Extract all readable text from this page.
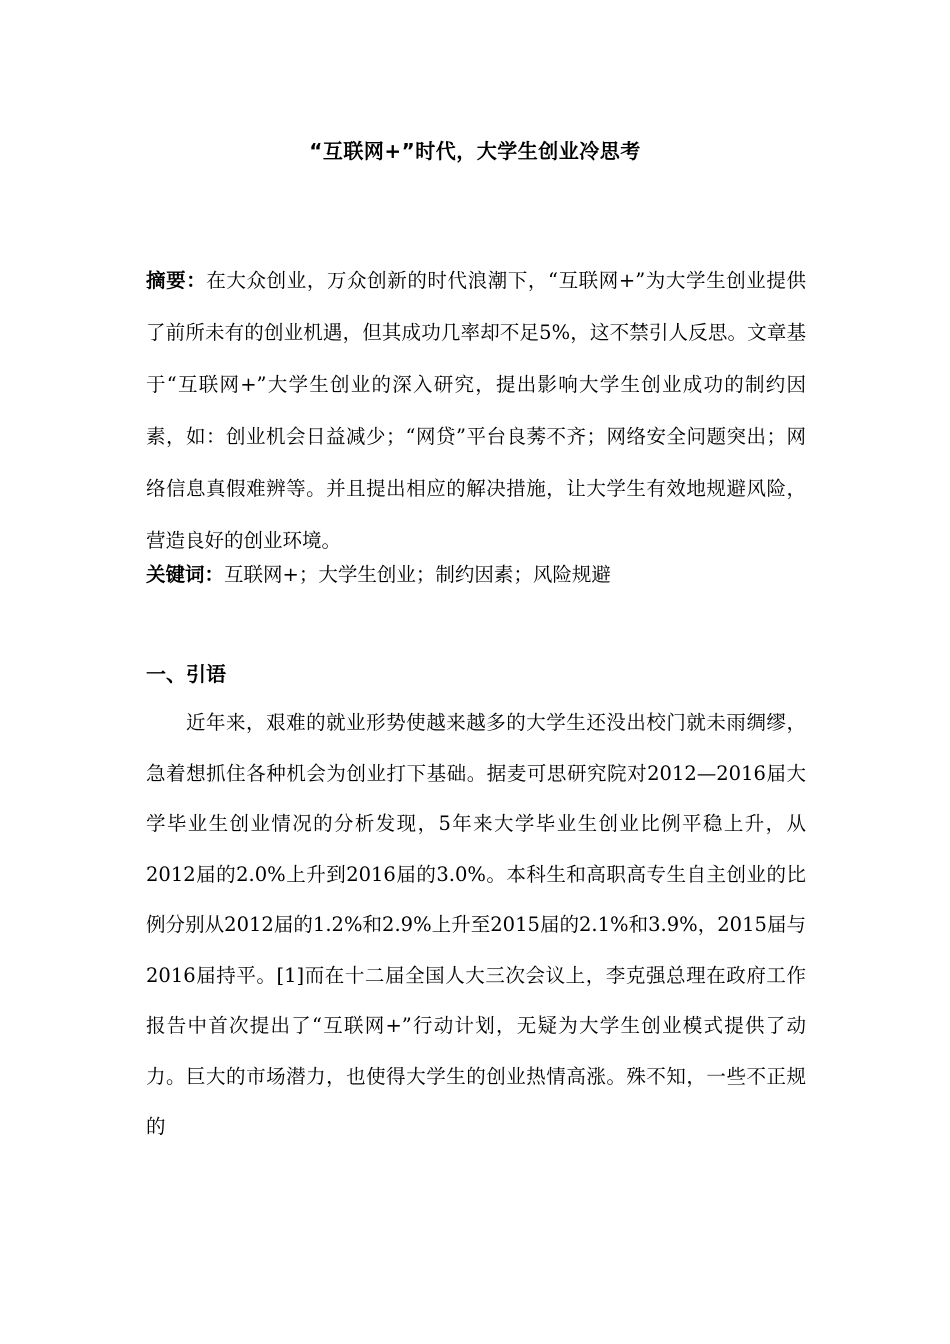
“互联网+”时代，大学生创业冷思考
摘要：在大众创业，万众创新的时代浪潮下，“互联网+”为大学生创业提供了前所未有的创业机遇，但其成功几率却不足5%，这不禁引人反思。文章基于“互联网+”大学生创业的深入研究，提出影响大学生创业成功的制约因素，如：创业机会日益减少；“网贷”平台良莠不齐；网络安全问题突出；网络信息真假难辨等。并且提出相应的解决措施，让大学生有效地规避风险，营造良好的创业环境。
关键词：互联网+；大学生创业；制约因素；风险规避
一、引语
近年来，艰难的就业形势使越来越多的大学生还没出校门就未雨绸缪，急着想抓住各种机会为创业打下基础。据麦可思研究院对2012—2016届大学毕业生创业情况的分析发现，5年来大学毕业生创业比例平稳上升，从2012届的2.0%上升到2016届的3.0%。本科生和高职高专生自主创业的比例分别从2012届的1.2%和2.9%上升至2015届的2.1%和3.9%，2015届与2016届持平。[1]而在十二届全国人大三次会议上，李克强总理在政府工作报告中首次提出了“互联网+”行动计划，无疑为大学生创业模式提供了动力。巨大的市场潜力，也使得大学生的创业热情高涨。殊不知，一些不正规的
